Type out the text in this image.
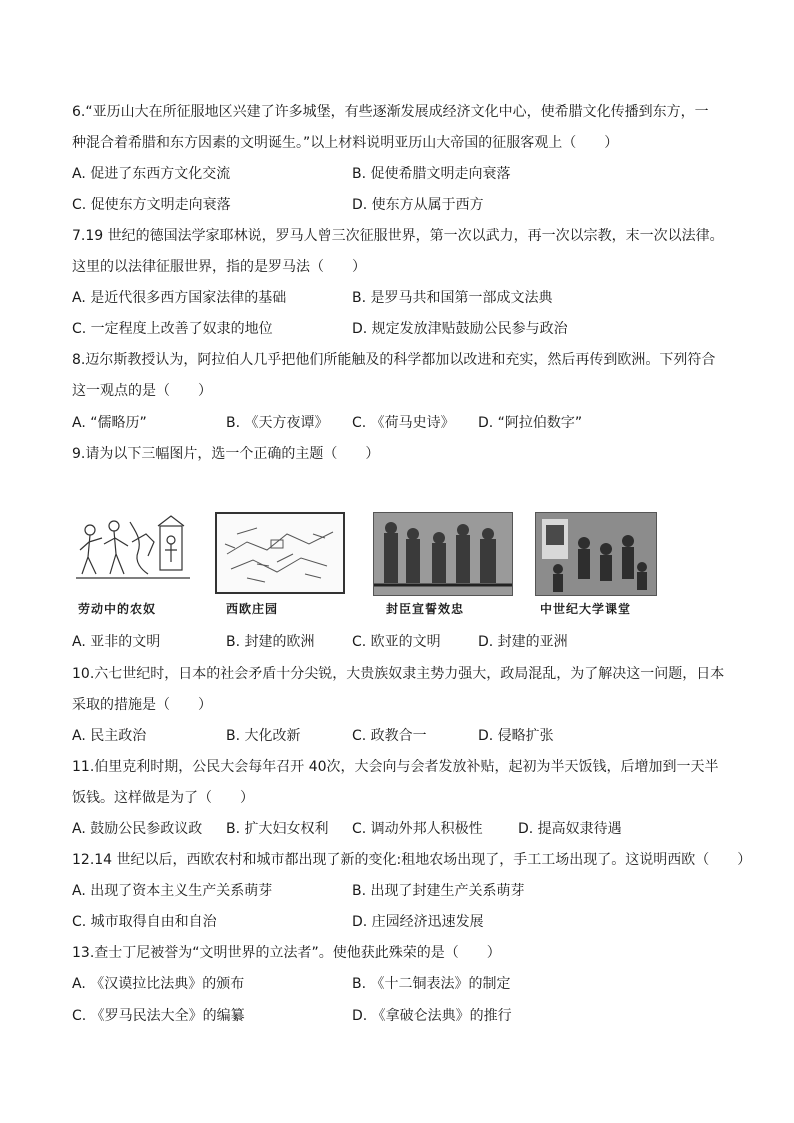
6.“亚历山大在所征服地区兴建了许多城堡，有些逐渐发展成经济文化中心，使希腊文化传播到东方，一
种混合着希腊和东方因素的文明诞生。”以上材料说明亚历山大帝国的征服客观上（　　）
A. 促进了东西方文化交流	B. 促使希腊文明走向衰落
C. 促使东方文明走向衰落	D. 使东方从属于西方
7.19 世纪的德国法学家耶林说，罗马人曾三次征服世界，第一次以武力，再一次以宗教，末一次以法律。
这里的以法律征服世界，指的是罗马法（　　）
A. 是近代很多西方国家法律的基础	B. 是罗马共和国第一部成文法典
C. 一定程度上改善了奴隶的地位	D. 规定发放津贴鼓励公民参与政治
8.迈尔斯教授认为，阿拉伯人几乎把他们所能触及的科学都加以改进和充实，然后再传到欧洲。下列符合
这一观点的是（　　）
A. “儒略历”	B. 《天方夜谭》 C. 《荷马史诗》 D. “阿拉伯数字”
9.请为以下三幅图片，选一个正确的主题（　　）
劳动中的农奴	西欧庄园	封臣宣誓效忠	中世纪大学课堂
A. 亚非的文明	B. 封建的欧洲	C. 欧亚的文明	D. 封建的亚洲
10.六七世纪时，日本的社会矛盾十分尖锐，大贵族奴隶主势力强大，政局混乱，为了解决这一问题，日本
采取的措施是（　　）
A. 民主政治	B. 大化改新	C. 政教合一	D. 侵略扩张
11.伯里克利时期，公民大会每年召开 40次，大会向与会者发放补贴，起初为半天饭钱，后增加到一天半
饭钱。这样做是为了（　　）
A. 鼓励公民参政议政 B. 扩大妇女权利 C. 调动外邦人积极性	D. 提高奴隶待遇
12.14 世纪以后，西欧农村和城市都出现了新的变化:租地农场出现了，手工工场出现了。这说明西欧（　　）
A. 出现了资本主义生产关系萌芽	B. 出现了封建生产关系萌芽
C. 城市取得自由和自治	D. 庄园经济迅速发展
13.查士丁尼被誉为“文明世界的立法者”。使他获此殊荣的是（　　）
A. 《汉谟拉比法典》的颁布	B. 《十二铜表法》的制定
C. 《罗马民法大全》的编纂	D. 《拿破仑法典》的推行
